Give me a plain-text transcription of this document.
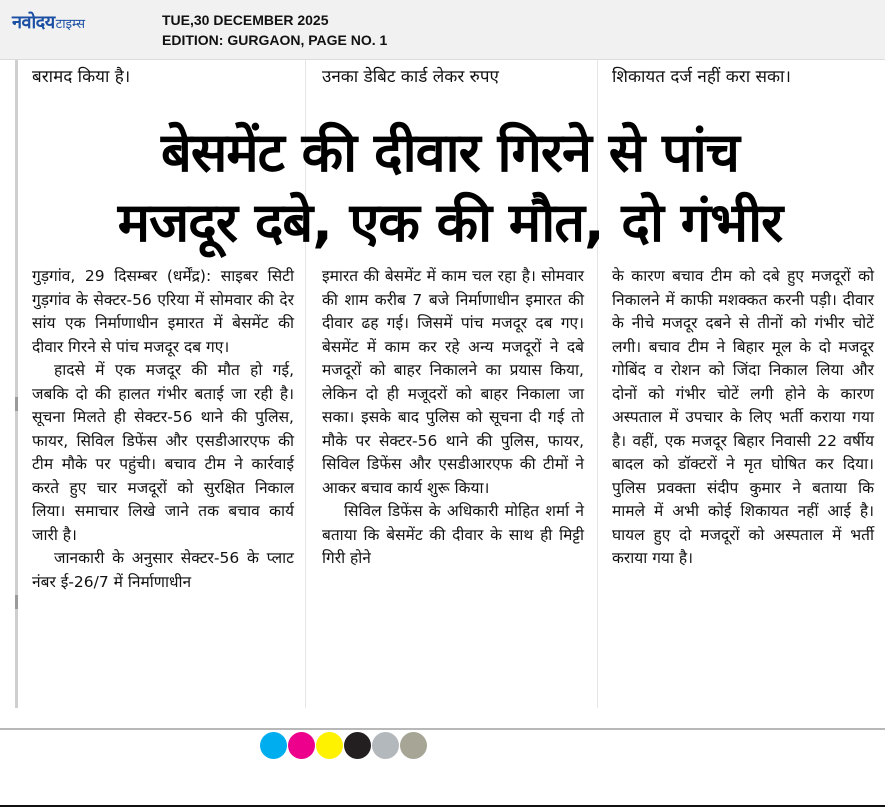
नवोदय टाइम्स	TUE,30 DECEMBER 2025
EDITION: GURGAON, PAGE NO. 1
बरामद किया है।	उनका डेबिट कार्ड लेकर रुपए	शिकायत दर्ज नहीं करा सका।
बेसमेंट की दीवार गिरने से पांच
मजदूर दबे, एक की मौत, दो गंभीर

गुड़गांव, 29 दिसम्बर (धर्मेंद्र): साइबर सिटी गुड़गांव के सेक्टर-56 एरिया में सोमवार की देर सांय एक निर्माणाधीन इमारत में बेसमेंट की दीवार गिरने से पांच मजदूर दब गए।

हादसे में एक मजदूर की मौत हो गई, जबकि दो की हालत गंभीर बताई जा रही है। सूचना मिलते ही सेक्टर-56 थाने की पुलिस, फायर, सिविल डिफेंस और एसडीआरएफ की टीम मौके पर पहुंची। बचाव टीम ने कार्रवाई करते हुए चार मजदूरों को सुरक्षित निकाल लिया। समाचार लिखे जाने तक बचाव कार्य जारी है।

जानकारी के अनुसार सेक्टर-56 के प्लाट नंबर ई-26/7 में निर्माणाधीन

इमारत की बेसमेंट में काम चल रहा है। सोमवार की शाम करीब 7 बजे निर्माणाधीन इमारत की दीवार ढह गई। जिसमें पांच मजदूर दब गए। बेसमेंट में काम कर रहे अन्य मजदूरों ने दबे मजदूरों को बाहर निकालने का प्रयास किया, लेकिन दो ही मजूदरों को बाहर निकाला जा सका। इसके बाद पुलिस को सूचना दी गई तो मौके पर सेक्टर-56 थाने की पुलिस, फायर, सिविल डिफेंस और एसडीआरएफ की टीमों ने आकर बचाव कार्य शुरू किया।

सिविल डिफेंस के अधिकारी मोहित शर्मा ने बताया कि बेसमेंट की दीवार के साथ ही मिट्टी गिरी होने

के कारण बचाव टीम को दबे हुए मजदूरों को निकालने में काफी मशक्कत करनी पड़ी। दीवार के नीचे मजदूर दबने से तीनों को गंभीर चोटें लगी। बचाव टीम ने बिहार मूल के दो मजदूर गोबिंद व रोशन को जिंदा निकाल लिया और दोनों को गंभीर चोटें लगी होने के कारण अस्पताल में उपचार के लिए भर्ती कराया गया है। वहीं, एक मजदूर बिहार निवासी 22 वर्षीय बादल को डॉक्टरों ने मृत घोषित कर दिया। पुलिस प्रवक्ता संदीप कुमार ने बताया कि मामले में अभी कोई शिकायत नहीं आई है। घायल हुए दो मजदूरों को अस्पताल में भर्ती कराया गया है।
